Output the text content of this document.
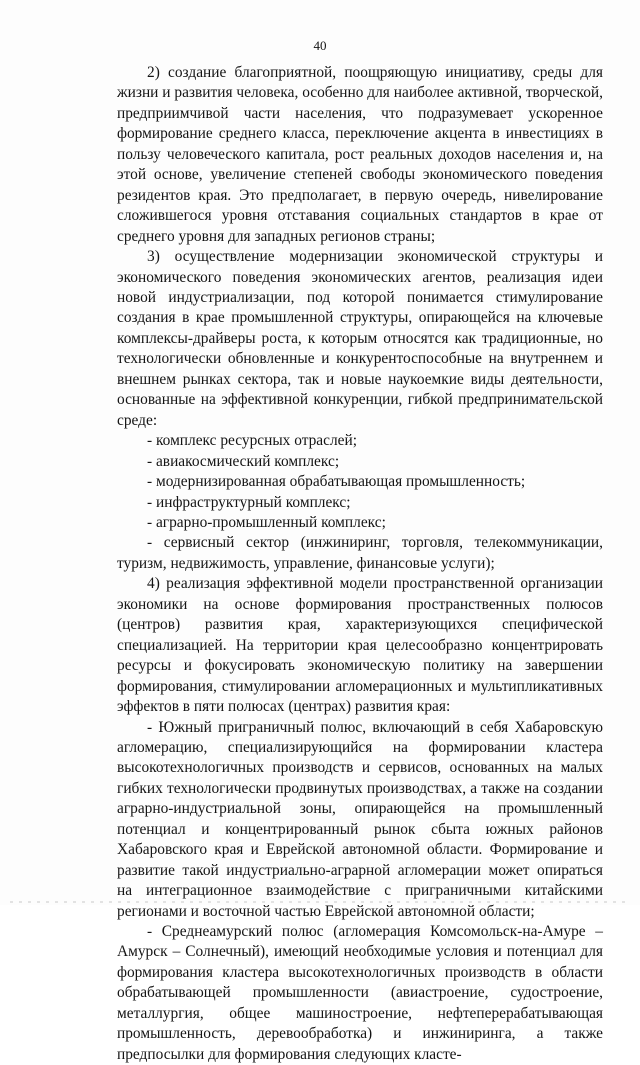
40

2) создание благоприятной, поощряющую инициативу, среды для жизни и развития человека, особенно для наиболее активной, творческой, предприимчивой части населения, что подразумевает ускоренное формирование среднего класса, переключение акцента в инвестициях в пользу человеческого капитала, рост реальных доходов населения и, на этой основе, увеличение степеней свободы экономического поведения резидентов края. Это предполагает, в первую очередь, нивелирование сложившегося уровня отставания социальных стандартов в крае от среднего уровня для западных регионов страны;

3) осуществление модернизации экономической структуры и экономического поведения экономических агентов, реализация идеи новой индустриализации, под которой понимается стимулирование создания в крае промышленной структуры, опирающейся на ключевые комплексы-драйверы роста, к которым относятся как традиционные, но технологически обновленные и конкурентоспособные на внутреннем и внешнем рынках сектора, так и новые наукоемкие виды деятельности, основанные на эффективной конкуренции, гибкой предпринимательской среде:

- комплекс ресурсных отраслей;

- авиакосмический комплекс;

- модернизированная обрабатывающая промышленность;

- инфраструктурный комплекс;

- аграрно-промышленный комплекс;

- сервисный сектор (инжиниринг, торговля, телекоммуникации, туризм, недвижимость, управление, финансовые услуги);

4) реализация эффективной модели пространственной организации экономики на основе формирования пространственных полюсов (центров) развития края, характеризующихся специфической специализацией. На территории края целесообразно концентрировать ресурсы и фокусировать экономическую политику на завершении формирования, стимулировании агломерационных и мультипликативных эффектов в пяти полюсах (центрах) развития края:

- Южный приграничный полюс, включающий в себя Хабаровскую агломерацию, специализирующийся на формировании кластера высокотехнологичных производств и сервисов, основанных на малых гибких технологически продвинутых производствах, а также на создании аграрно-индустриальной зоны, опирающейся на промышленный потенциал и концентрированный рынок сбыта южных районов Хабаровского края и Еврейской автономной области. Формирование и развитие такой индустриально-аграрной агломерации может опираться на интеграционное взаимодействие с приграничными китайскими регионами и восточной частью Еврейской автономной области;

- Среднеамурский полюс (агломерация Комсомольск-на-Амуре – Амурск – Солнечный), имеющий необходимые условия и потенциал для формирования кластера высокотехнологичных производств в области обрабатывающей промышленности (авиастроение, судостроение, металлургия, общее машиностроение, нефтеперерабатывающая промышленность, деревообработка) и инжиниринга, а также предпосылки для формирования следующих класте-
